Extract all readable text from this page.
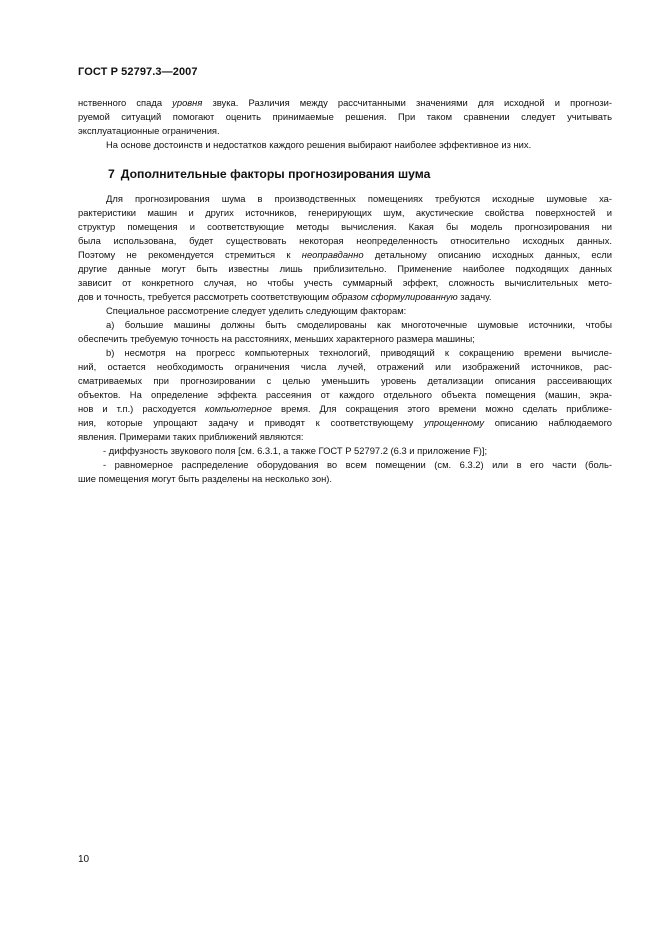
ГОСТ Р 52797.3—2007
нственного спада уровня звука. Различия между рассчитанными значениями для исходной и прогнози-
руемой ситуаций помогают оценить принимаемые решения. При таком сравнении следует учитывать
эксплуатационные ограничения.
На основе достоинств и недостатков каждого решения выбирают наиболее эффективное из них.
7 Дополнительные факторы прогнозирования шума
Для прогнозирования шума в производственных помещениях требуются исходные шумовые ха-
рактеристики машин и других источников, генерирующих шум, акустические свойства поверхностей и
структур помещения и соответствующие методы вычисления. Какая бы модель прогнозирования ни
была использована, будет существовать некоторая неопределенность относительно исходных данных.
Поэтому не рекомендуется стремиться к неоправданно детальному описанию исходных данных, если
другие данные могут быть известны лишь приблизительно. Применение наиболее подходящих данных
зависит от конкретного случая, но чтобы учесть суммарный эффект, сложность вычислительных мето-
дов и точность, требуется рассмотреть соответствующим образом сформулированную задачу.
Специальное рассмотрение следует уделить следующим факторам:
a) большие машины должны быть смоделированы как многоточечные шумовые источники, чтобы
обеспечить требуемую точность на расстояниях, меньших характерного размера машины;
b) несмотря на прогресс компьютерных технологий, приводящий к сокращению времени вычисле-
ний, остается необходимость ограничения числа лучей, отражений или изображений источников, рас-
сматриваемых при прогнозировании с целью уменьшить уровень детализации описания рассеивающих
объектов. На определение эффекта рассеяния от каждого отдельного объекта помещения (машин, экра-
нов и т.п.) расходуется компьютерное время. Для сокращения этого времени можно сделать приближе-
ния, которые упрощают задачу и приводят к соответствующему упрощенному описанию наблюдаемого
явления. Примерами таких приближений являются:
- диффузность звукового поля [см. 6.3.1, а также ГОСТ Р 52797.2 (6.3 и приложение F)];
- равномерное распределение оборудования во всем помещении (см. 6.3.2) или в его части (боль-
шие помещения могут быть разделены на несколько зон).
10
